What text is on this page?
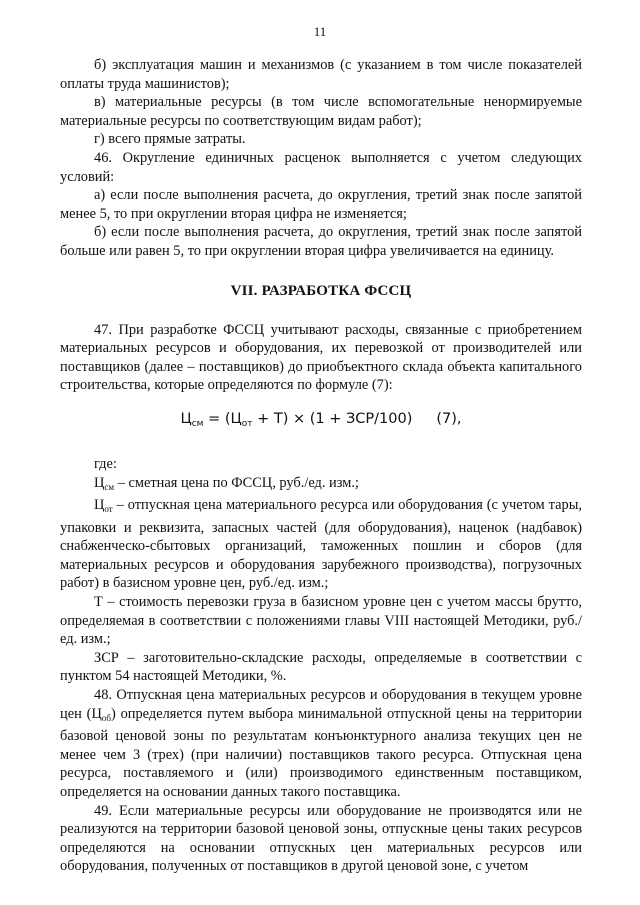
11

б) эксплуатация машин и механизмов (с указанием в том числе показателей оплаты труда машинистов);

в) материальные ресурсы (в том числе вспомогательные ненормируемые материальные ресурсы по соответствующим видам работ);

г) всего прямые затраты.

46. Округление единичных расценок выполняется с учетом следующих условий:

а) если после выполнения расчета, до округления, третий знак после запятой менее 5, то при округлении вторая цифра не изменяется;

б) если после выполнения расчета, до округления, третий знак после запятой больше или равен 5, то при округлении вторая цифра увеличивается на единицу.

VII. РАЗРАБОТКА ФССЦ

47. При разработке ФССЦ учитывают расходы, связанные с приобретением материальных ресурсов и оборудования, их перевозкой от производителей или поставщиков (далее – поставщиков) до приобъектного склада объекта капитального строительства, которые определяются по формуле (7):

$Ц_{см} = (Ц_{от} + Т) \times (1 + ЗСР/100)$ (7),

где:

$Ц_{см}$ – сметная цена по ФССЦ, руб./ед. изм.;

$Ц_{от}$ – отпускная цена материального ресурса или оборудования (с учетом тары, упаковки и реквизита, запасных частей (для оборудования), наценок (надбавок) снабженческо-сбытовых организаций, таможенных пошлин и сборов (для материальных ресурсов и оборудования зарубежного производства), погрузочных работ) в базисном уровне цен, руб./ед. изм.;

Т – стоимость перевозки груза в базисном уровне цен с учетом массы брутто, определяемая в соответствии с положениями главы VIII настоящей Методики, руб./ед. изм.;

ЗСР – заготовительно-складские расходы, определяемые в соответствии с пунктом 54 настоящей Методики, %.

48. Отпускная цена материальных ресурсов и оборудования в текущем уровне цен $(Ц_{об})$ определяется путем выбора минимальной отпускной цены на территории базовой ценовой зоны по результатам конъюнктурного анализа текущих цен не менее чем 3 (трех) (при наличии) поставщиков такого ресурса. Отпускная цена ресурса, поставляемого и (или) производимого единственным поставщиком, определяется на основании данных такого поставщика.

49. Если материальные ресурсы или оборудование не производятся или не реализуются на территории базовой ценовой зоны, отпускные цены таких ресурсов определяются на основании отпускных цен материальных ресурсов или оборудования, полученных от поставщиков в другой ценовой зоне, с учетом
